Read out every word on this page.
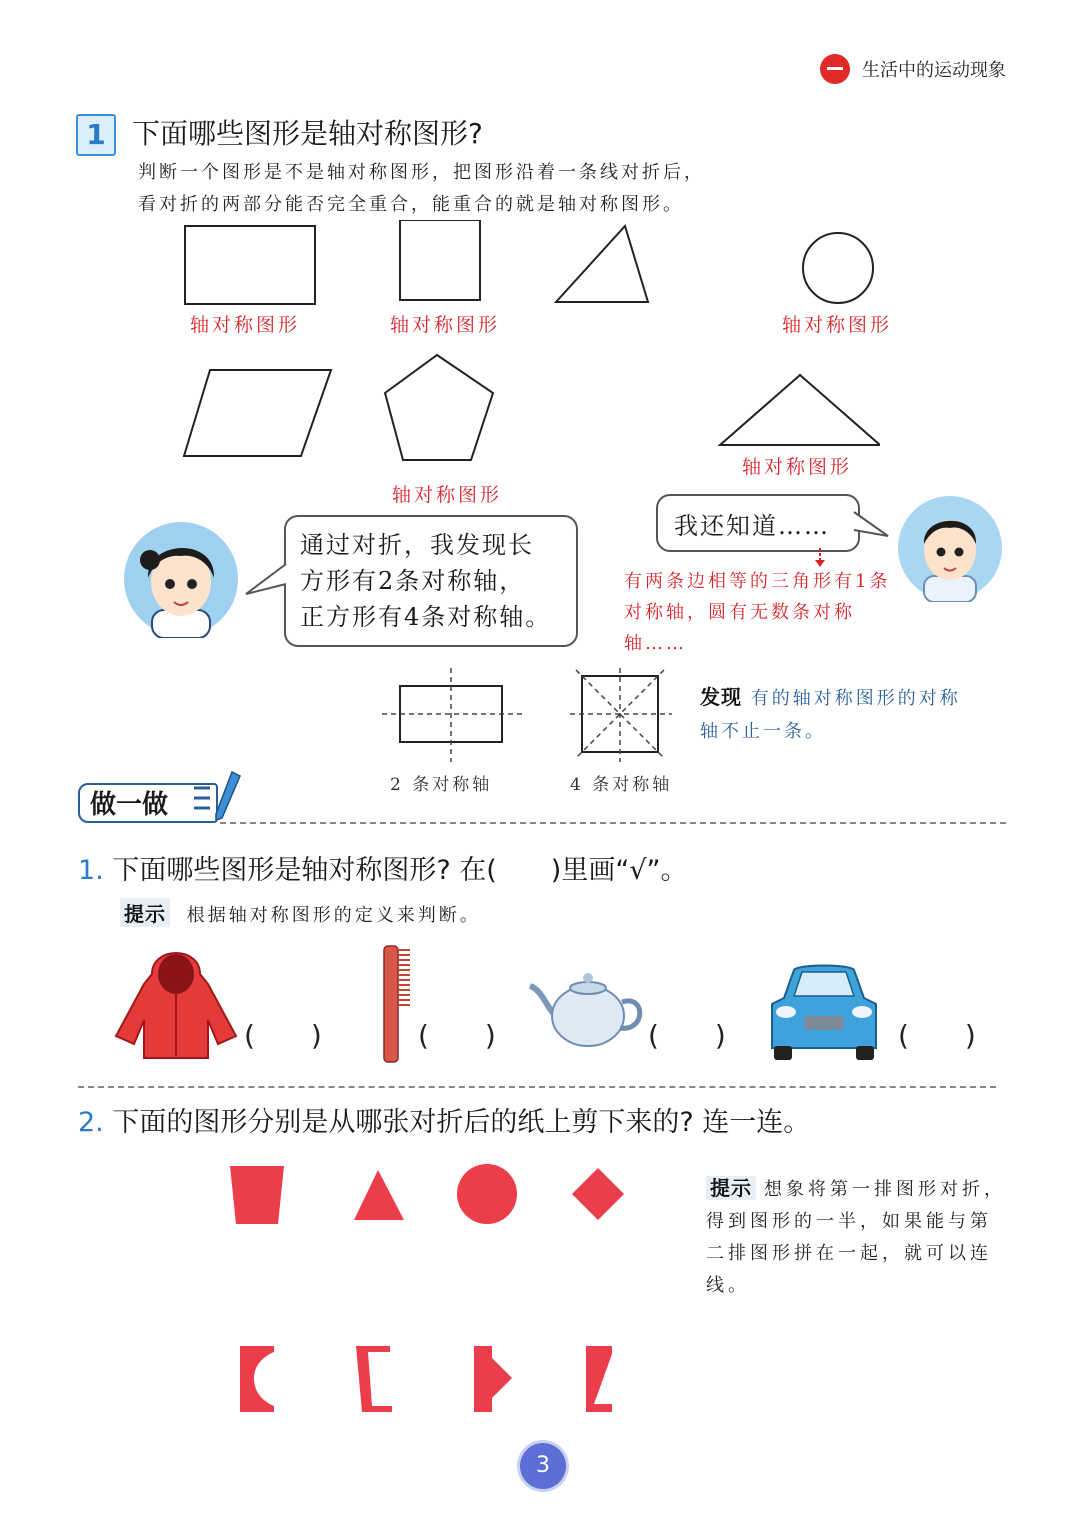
生活中的运动现象
1 下面哪些图形是轴对称图形?
判断一个图形是不是轴对称图形，把图形沿着一条线对折后，
看对折的两部分能否完全重合，能重合的就是轴对称图形。
轴对称图形	轴对称图形	轴对称图形
轴对称图形
轴对称图形
通过对折，我发现长
方形有2条对称轴，
正方形有4条对称轴。
我还知道……
有两条边相等的三角形有1条对称轴，圆有无数条对称轴……
2 条对称轴	4 条对称轴
发现 有的轴对称图形的对称轴不止一条。
做一做
1. 下面哪些图形是轴对称图形? 在(　　)里画“√”。
提示 根据轴对称图形的定义来判断。
(　　)	(　　)	(　　)	(　　)
2. 下面的图形分别是从哪张对折后的纸上剪下来的? 连一连。
提示 想象将第一排图形对折，得到图形的一半，如果能与第二排图形拼在一起，就可以连线。
3
